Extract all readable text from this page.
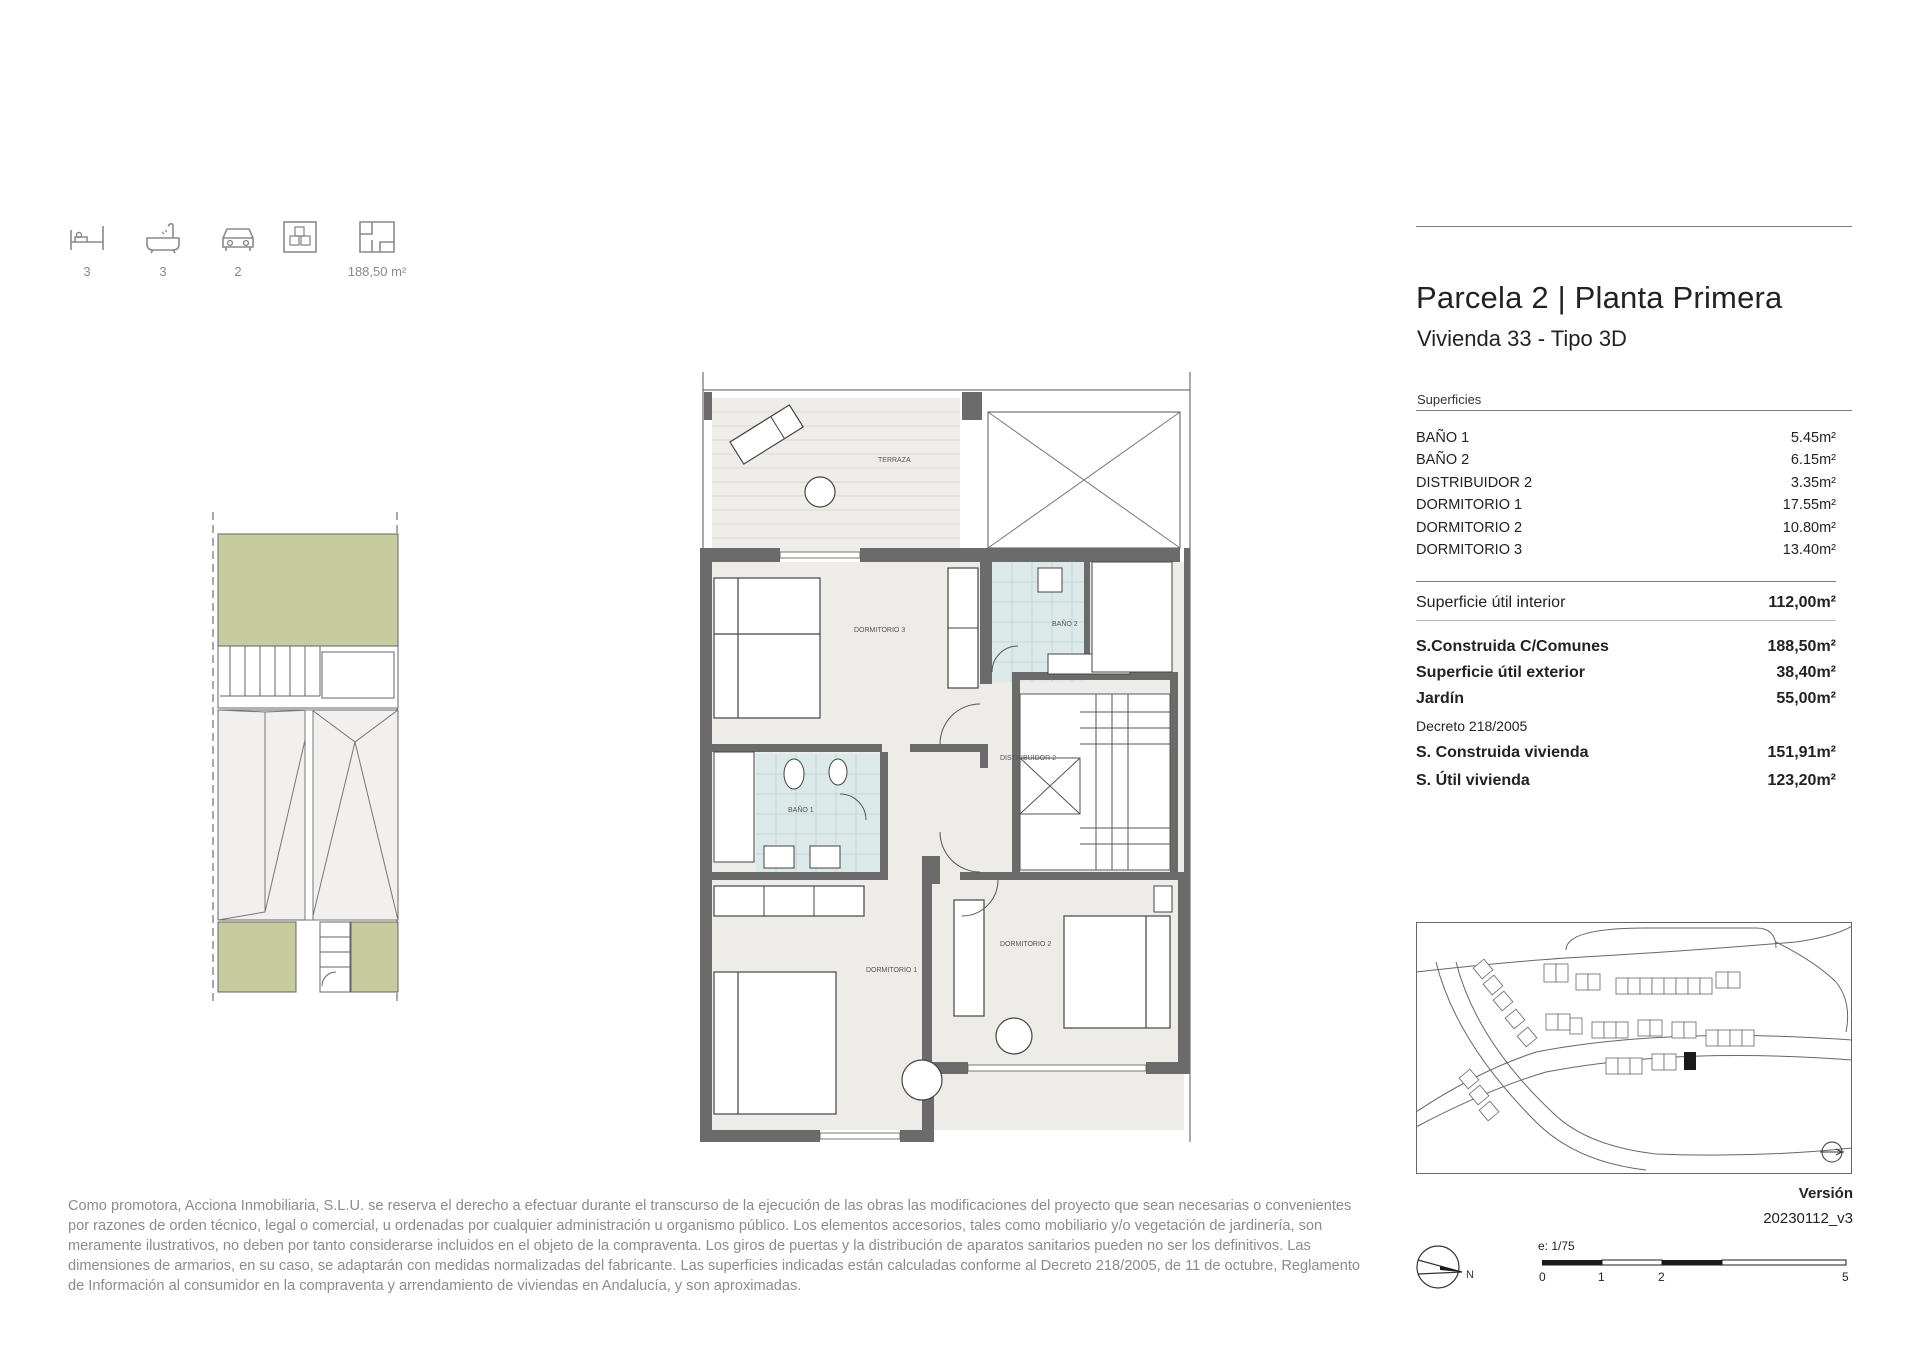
3	3	2	188,50 m²
TERRAZA
DORMITORIO 3
BAÑO 2
DISTRIBUIDOR 2
BAÑO 1
DORMITORIO 1
DORMITORIO 2
Parcela 2 | Planta Primera
Vivienda 33 - Tipo 3D
Superficies
BAÑO 1	5.45m²
BAÑO 2	6.15m²
DISTRIBUIDOR 2	3.35m²
DORMITORIO 1	17.55m²
DORMITORIO 2	10.80m²
DORMITORIO 3	13.40m²
Superficie útil interior	112,00m²
S.Construida C/Comunes	188,50m²
Superficie útil exterior	38,40m²
Jardín	55,00m²
Decreto 218/2005
S. Construida vivienda	151,91m²
S. Útil vivienda	123,20m²
Versión
20230112_v3
N
e: 1/75
0	1	2	5
Como promotora, Acciona Inmobiliaria, S.L.U. se reserva el derecho a efectuar durante el transcurso de la ejecución de las obras las modificaciones del proyecto que sean necesarias o convenientes por razones de orden técnico, legal o comercial, u ordenadas por cualquier administración u organismo público. Los elementos accesorios, tales como mobiliario y/o vegetación de jardinería, son meramente ilustrativos, no deben por tanto considerarse incluidos en el objeto de la compraventa. Los giros de puertas y la distribución de aparatos sanitarios pueden no ser los definitivos. Las dimensiones de armarios, en su caso, se adaptarán con medidas normalizadas del fabricante. Las superficies indicadas están calculadas conforme al Decreto 218/2005, de 11 de octubre, Reglamento de Información al consumidor en la compraventa y arrendamiento de viviendas en Andalucía, y son aproximadas.
